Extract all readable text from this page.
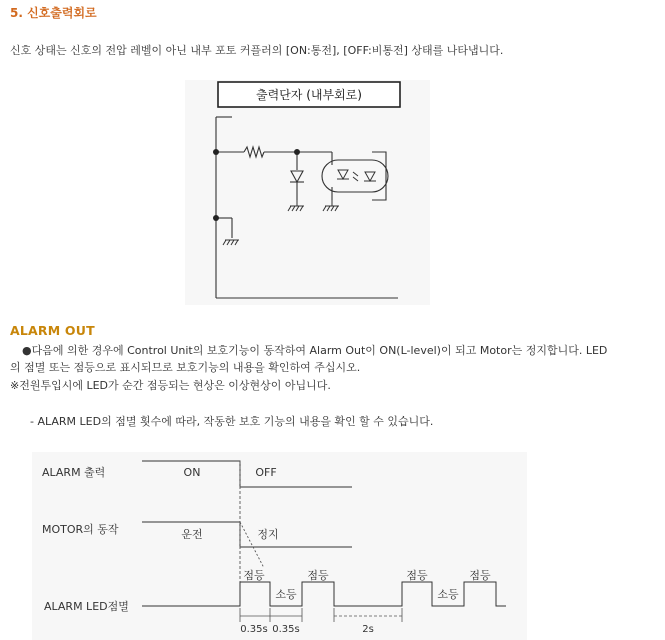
5. 신호출력회로
신호 상태는 신호의 전압 레벨이 아닌 내부 포토 커플러의 [ON:통전], [OFF:비통전] 상태를 나타냅니다.
출력단자 (내부회로)
ALARM OUT
●다음에 의한 경우에 Control Unit의 보호기능이 동작하여 Alarm Out이 ON(L-level)이 되고 Motor는 정지합니다. LED
의 점멸 또는 점등으로 표시되므로 보호기능의 내용을 확인하여 주십시오.
※전원투입시에 LED가 순간 점등되는 현상은 이상현상이 아닙니다.
- ALARM LED의 점멸 횟수에 따라, 작동한 보호 기능의 내용을 확인 할 수 있습니다.
ALARM 출력	ON	OFF
MOTOR의 동작	운전	정지
ALARM LED점멸
점등	점등	점등	점등
소등	소등
0.35s 0.35s	2s
